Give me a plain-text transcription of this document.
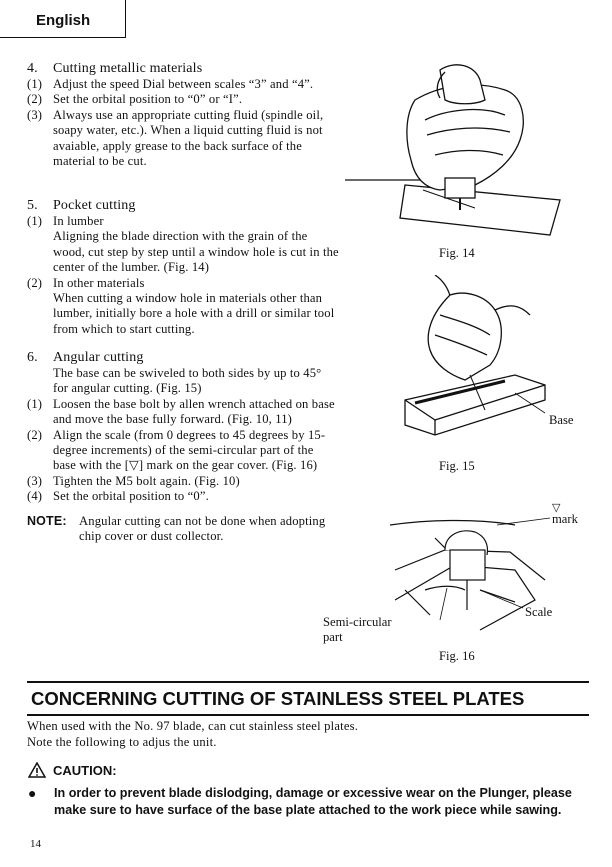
English

4. Cutting metallic materials

(1) Adjust the speed Dial between scales “3” and “4”.
(2) Set the orbital position to “0” or “I”.
(3) Always use an appropriate cutting fluid (spindle oil, soapy water, etc.). When a liquid cutting fluid is not avaiable, apply grease to the back surface of the material to be cut.

5. Pocket cutting

(1) In lumber
Aligning the blade direction with the grain of the wood, cut step by step until a window hole is cut in the center of the lumber. (Fig. 14)
(2) In other materials
When cutting a window hole in materials other than lumber, initially bore a hole with a drill or similar tool from which to start cutting.

6. Angular cutting

The base can be swiveled to both sides by up to 45° for angular cutting. (Fig. 15)
(1) Loosen the base bolt by allen wrench attached on base and move the base fully forward. (Fig. 10, 11)
(2) Align the scale (from 0 degrees to 45 degrees by 15-degree increments) of the semi-circular part of the base with the [▽] mark on the gear cover. (Fig. 16)
(3) Tighten the M5 bolt again. (Fig. 10)
(4) Set the orbital position to “0”.
NOTE: Angular cutting can not be done when adopting chip cover or dust collector.
Fig. 14
Base
Fig. 15
▽
mark
Scale
Semi-circular
part
Fig. 16
CONCERNING CUTTING OF STAINLESS STEEL PLATES
When used with the No. 97 blade, can cut stainless steel plates.
Note the following to adjus the unit.
CAUTION:
●	In order to prevent blade dislodging, damage or excessive wear on the Plunger, please make sure to have surface of the base plate attached to the work piece while sawing.
14
